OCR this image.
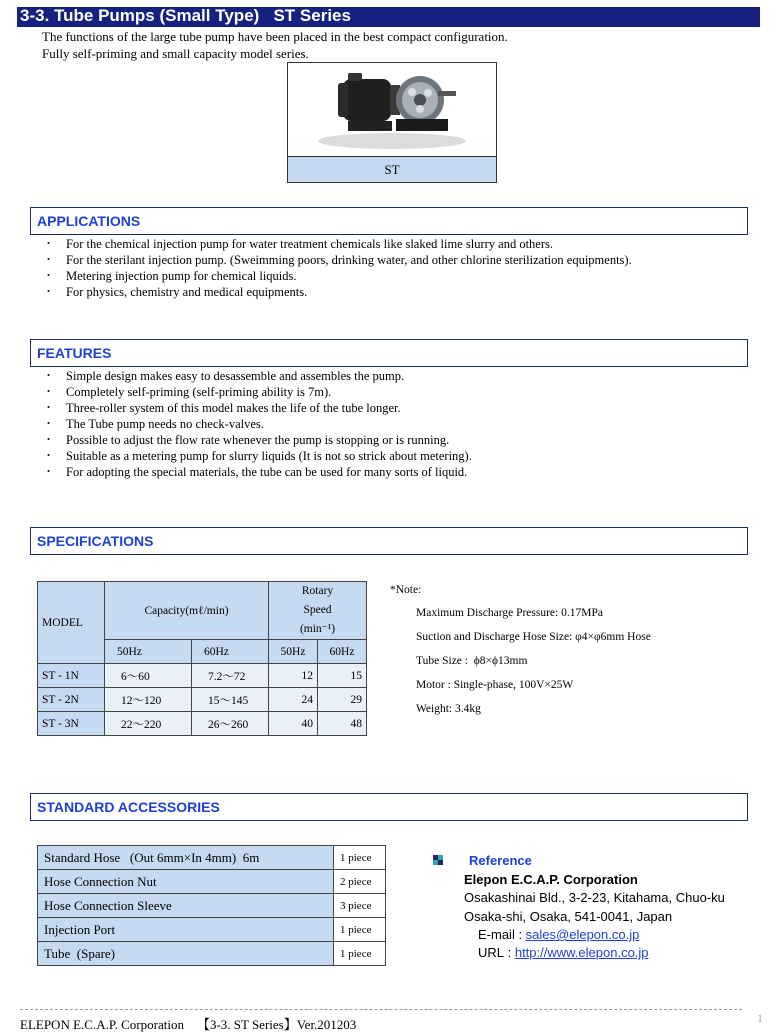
3-3. Tube Pumps (Small Type)   ST Series
The functions of the large tube pump have been placed in the best compact configuration.
Fully self-priming and small capacity model series.
ST
APPLICATIONS
・ For the chemical injection pump for water treatment chemicals like slaked lime slurry and others.
・ For the sterilant injection pump. (Sweimming poors, drinking water, and other chlorine sterilization equipments).
・ Metering injection pump for chemical liquids.
・ For physics, chemistry and medical equipments.
FEATURES
・ Simple design makes easy to desassemble and assembles the pump.
・ Completely self-priming (self-priming ability is 7m).
・ Three-roller system of this model makes the life of the tube longer.
・ The Tube pump needs no check-valves.
・ Possible to adjust the flow rate whenever the pump is stopping or is running.
・ Suitable as a metering pump for slurry liquids (It is not so strick about metering).
・ For adopting the special materials, the tube can be used for many sorts of liquid.
SPECIFICATIONS
MODEL	Capacity(mℓ/min)		Rotary
Speed
(min⁻¹)	

	50Hz	60Hz	50Hz	60Hz
ST - 1N	6～60	7.2～72	12	15
ST - 2N	12～120	15～145	24	29
ST - 3N	22～220	26～260	40	48
*Note:
Maximum Discharge Pressure: 0.17MPa
Suction and Discharge Hose Size: φ4×φ6mm Hose
Tube Size :  ϕ8×ϕ13mm
Motor : Single-phase, 100V×25W
Weight: 3.4kg
STANDARD ACCESSORIES
Standard Hose   (Out 6mm×In 4mm)  6m	1 piece
Hose Connection Nut	2 piece
Hose Connection Sleeve	3 piece
Injection Port	1 piece
Tube  (Spare)	1 piece
Reference
Elepon E.C.A.P. Corporation
Osakashinai Bld., 3-2-23, Kitahama, Chuo-ku
Osaka-shi, Osaka, 541-0041, Japan
E-mail : sales@elepon.co.jp
URL : http://www.elepon.co.jp
ELEPON E.C.A.P. Corporation    【3-3. ST Series】Ver.201203	1
